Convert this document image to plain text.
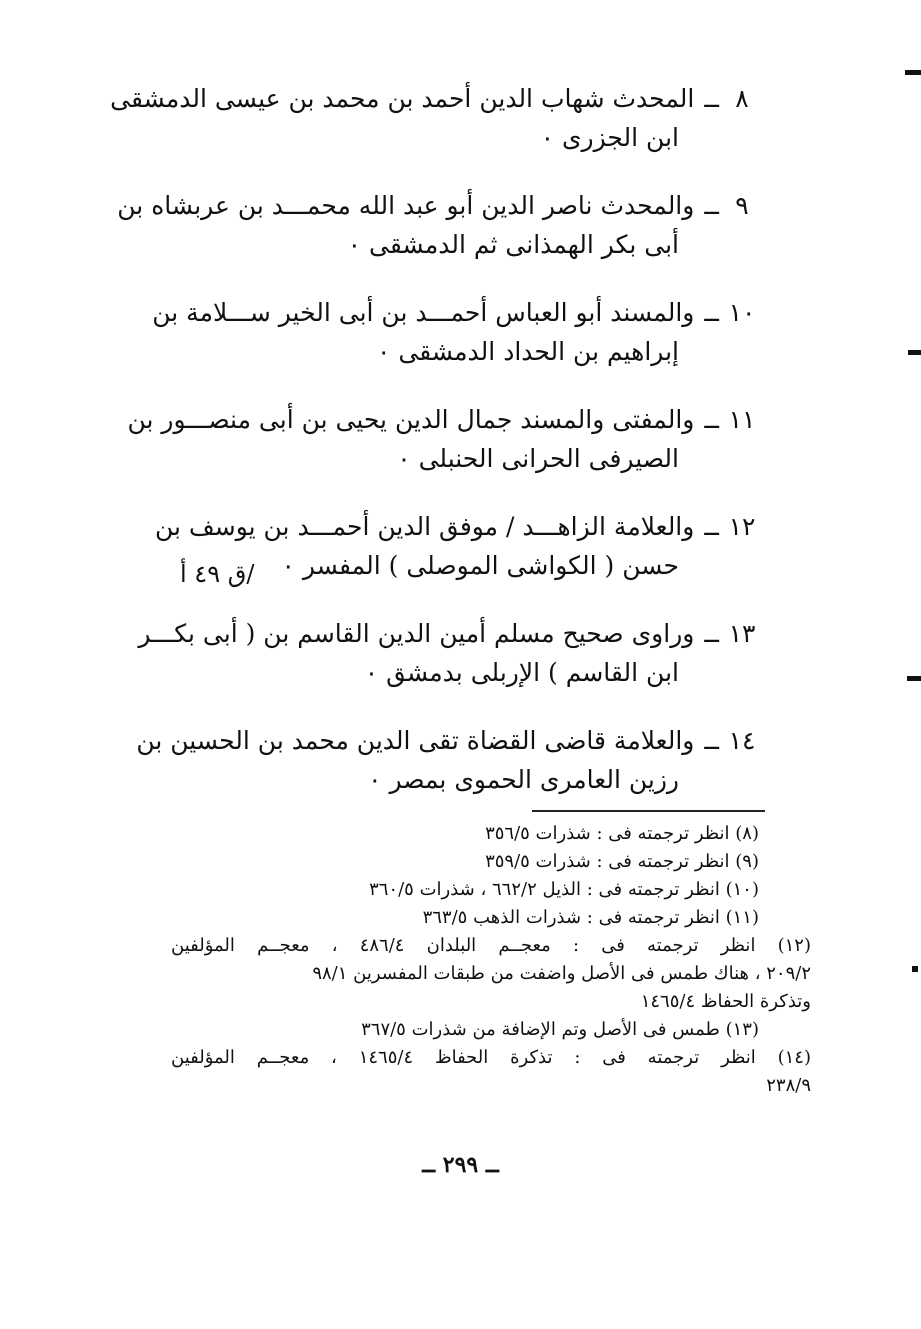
٨
ــ
المحدث شهاب الدين أحمد بن محمد بن عيسى الدمشقى
ابن الجزرى ٠
٩
ــ
والمحدث ناصر الدين أبو عبد الله محمـــد بن عربشاه بن
أبى بكر الهمذانى ثم الدمشقى ٠
١٠
ــ
والمسند أبو العباس أحمـــد بن أبى الخير ســـلامة بن
إبراهيم بن الحداد الدمشقى ٠
١١
ــ
والمفتى والمسند جمال الدين يحيى بن أبى منصـــور بن
الصيرفى الحرانى الحنبلى ٠
١٢
ــ
والعلامة الزاهـــد / موفق الدين أحمـــد بن يوسف بن
حسن ( الكواشى الموصلى ) المفسر ٠
١٣
ــ
وراوى صحيح مسلم أمين الدين القاسم بن ( أبى بكـــر
ابن القاسم ) الإربلى بدمشق ٠
١٤
ــ
والعلامة قاضى القضاة تقى الدين محمد بن الحسين بن
رزين العامرى الحموى بمصر ٠
/ق ٤٩ أ
(٨) انظر ترجمته فى : شذرات ٣٥٦/٥
(٩) انظر ترجمته فى : شذرات ٣٥٩/٥
(١٠) انظر ترجمته فى : الذيل ٦٦٢/٢ ، شذرات ٣٦٠/٥
(١١) انظر ترجمته فى : شذرات الذهب ٣٦٣/٥
(١٢) انظر ترجمته فى : معجــم البلدان ٤٨٦/٤ ، معجــم المؤلفين
٢٠٩/٢ ، هناك طمس فى الأصل واضفت من طبقات المفسرين ٩٨/١
وتذكرة الحفاظ ١٤٦٥/٤
(١٣) طمس فى الأصل وتم الإضافة من شذرات ٣٦٧/٥
(١٤) انظر ترجمته فى : تذكرة الحفاظ ١٤٦٥/٤ ، معجــم المؤلفين
٢٣٨/٩
ــ ٢٩٩ ــ
